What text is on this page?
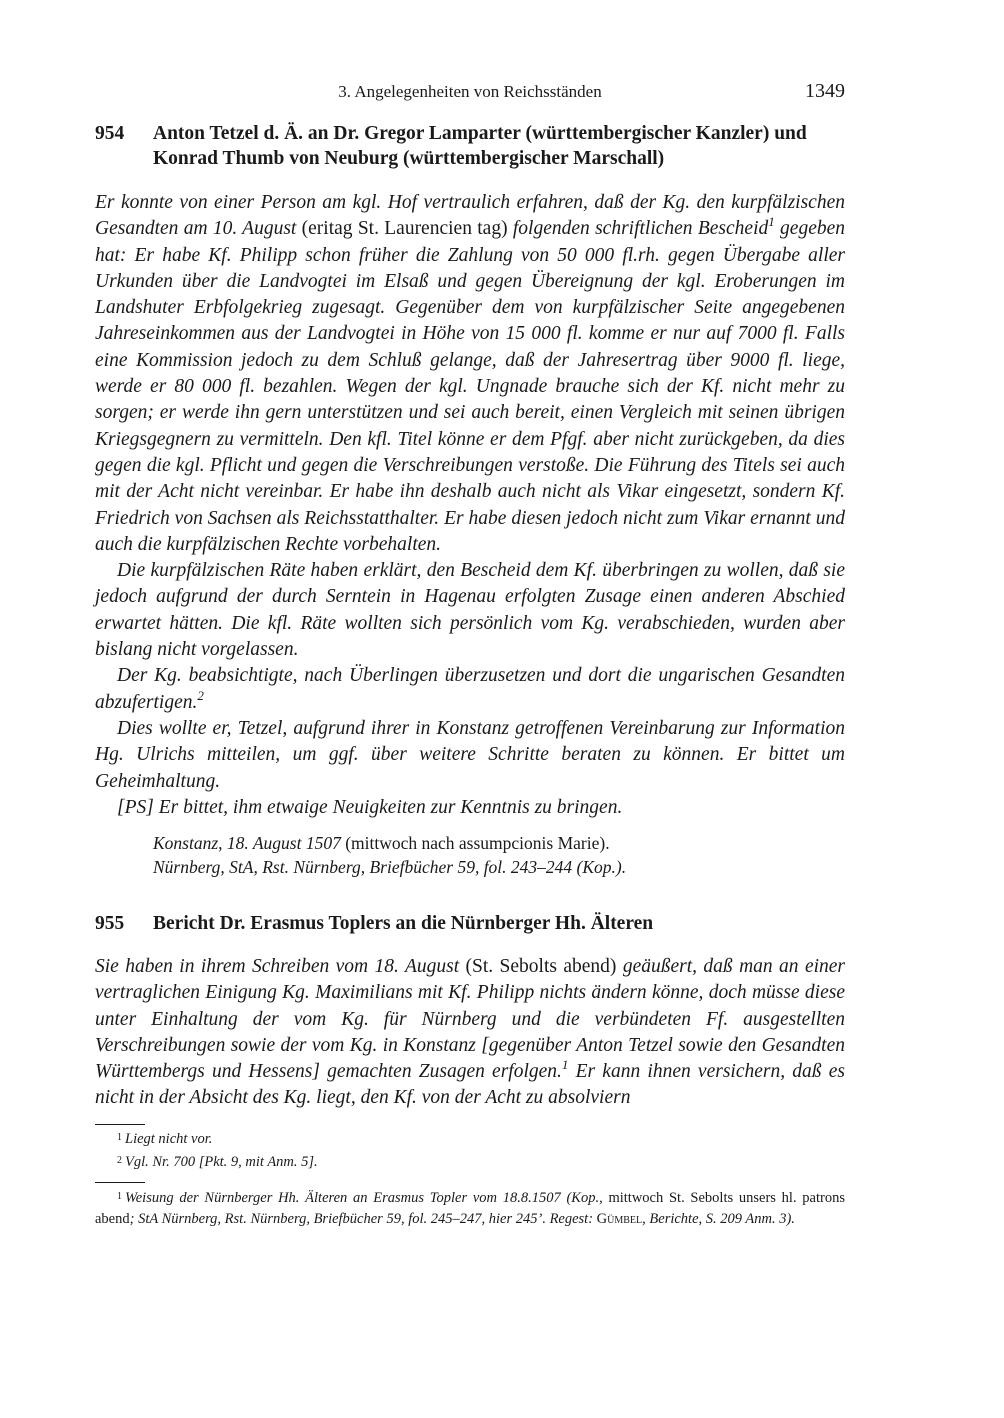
3. Angelegenheiten von Reichsständen	1349
954	Anton Tetzel d. Ä. an Dr. Gregor Lamparter (württembergischer Kanzler) und Konrad Thumb von Neuburg (württembergischer Marschall)

Er konnte von einer Person am kgl. Hof vertraulich erfahren, daß der Kg. den kurpfälzischen Gesandten am 10. August (eritag St. Laurencien tag) folgenden schriftlichen Bescheid$^1$ gegeben hat: Er habe Kf. Philipp schon früher die Zahlung von 50 000 fl.rh. gegen Übergabe aller Urkunden über die Landvogtei im Elsaß und gegen Übereignung der kgl. Eroberungen im Landshuter Erbfolgekrieg zugesagt. Gegenüber dem von kurpfälzischer Seite angegebenen Jahreseinkommen aus der Landvogtei in Höhe von 15 000 fl. komme er nur auf 7000 fl. Falls eine Kommission jedoch zu dem Schluß gelange, daß der Jahresertrag über 9000 fl. liege, werde er 80 000 fl. bezahlen. Wegen der kgl. Ungnade brauche sich der Kf. nicht mehr zu sorgen; er werde ihn gern unterstützen und sei auch bereit, einen Vergleich mit seinen übrigen Kriegsgegnern zu vermitteln. Den kfl. Titel könne er dem Pfgf. aber nicht zurückgeben, da dies gegen die kgl. Pflicht und gegen die Verschreibungen verstoße. Die Führung des Titels sei auch mit der Acht nicht vereinbar. Er habe ihn deshalb auch nicht als Vikar eingesetzt, sondern Kf. Friedrich von Sachsen als Reichsstatthalter. Er habe diesen jedoch nicht zum Vikar ernannt und auch die kurpfälzischen Rechte vorbehalten.

Die kurpfälzischen Räte haben erklärt, den Bescheid dem Kf. überbringen zu wollen, daß sie jedoch aufgrund der durch Serntein in Hagenau erfolgten Zusage einen anderen Abschied erwartet hätten. Die kfl. Räte wollten sich persönlich vom Kg. verabschieden, wurden aber bislang nicht vorgelassen.

Der Kg. beabsichtigte, nach Überlingen überzusetzen und dort die ungarischen Gesandten abzufertigen.$^2$

Dies wollte er, Tetzel, aufgrund ihrer in Konstanz getroffenen Vereinbarung zur Information Hg. Ulrichs mitteilen, um ggf. über weitere Schritte beraten zu können. Er bittet um Geheimhaltung.

[PS] Er bittet, ihm etwaige Neuigkeiten zur Kenntnis zu bringen.

Konstanz, 18. August 1507 (mittwoch nach assumpcionis Marie).

Nürnberg, StA, Rst. Nürnberg, Briefbücher 59, fol. 243–244 (Kop.).

955	Bericht Dr. Erasmus Toplers an die Nürnberger Hh. Älteren

Sie haben in ihrem Schreiben vom 18. August (St. Sebolts abend) geäußert, daß man an einer vertraglichen Einigung Kg. Maximilians mit Kf. Philipp nichts ändern könne, doch müsse diese unter Einhaltung der vom Kg. für Nürnberg und die verbündeten Ff. ausgestellten Verschreibungen sowie der vom Kg. in Konstanz [gegenüber Anton Tetzel sowie den Gesandten Württembergs und Hessens] gemachten Zusagen erfolgen.$^1$ Er kann ihnen versichern, daß es nicht in der Absicht des Kg. liegt, den Kf. von der Acht zu absolviern

$^1$ Liegt nicht vor.

$^2$ Vgl. Nr. 700 [Pkt. 9, mit Anm. 5].

$^1$ Weisung der Nürnberger Hh. Älteren an Erasmus Topler vom 18.8.1507 (Kop., mittwoch St. Sebolts unsers hl. patrons abend; StA Nürnberg, Rst. Nürnberg, Briefbücher 59, fol. 245–247, hier 245’. Regest: Gümbel, Berichte, S. 209 Anm. 3).
